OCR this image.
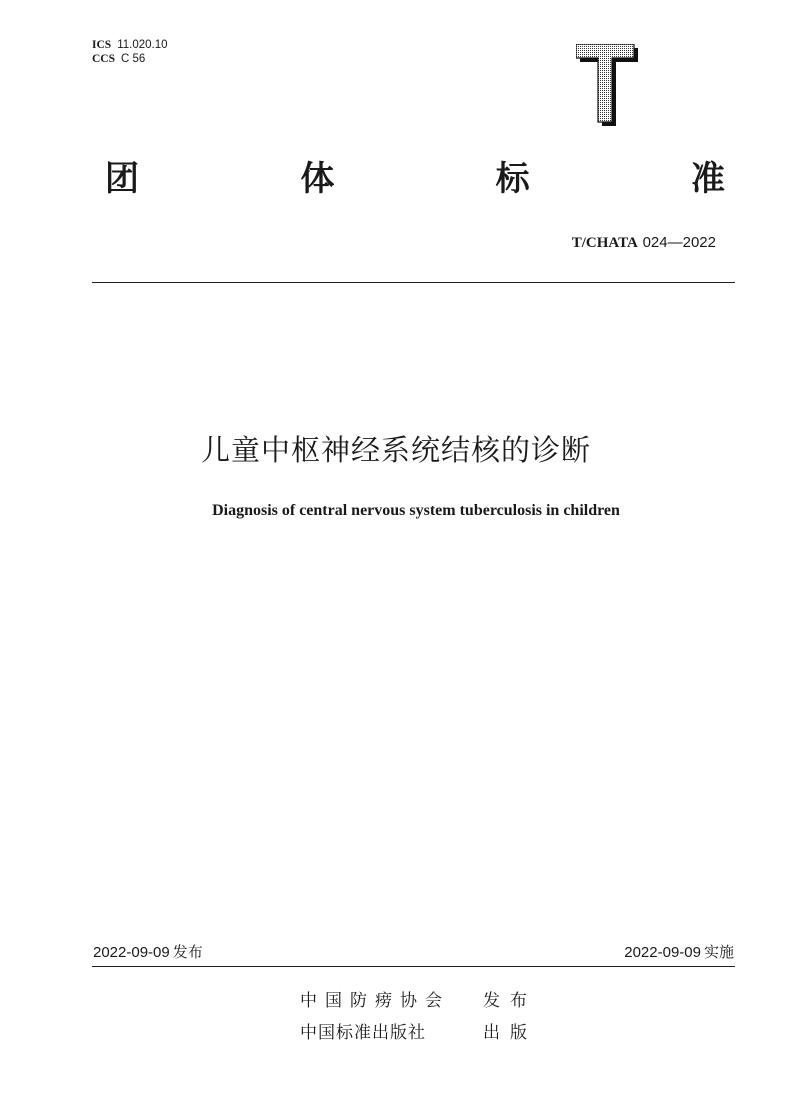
ICS 11.020.10
CCS C 56
团	体	标	准
T/CHATA 024—2022
儿童中枢神经系统结核的诊断
Diagnosis of central nervous system tuberculosis in children
2022-09-09 发布	2022-09-09 实施
中国防痨协会 发布
中国标准出版社	出版
